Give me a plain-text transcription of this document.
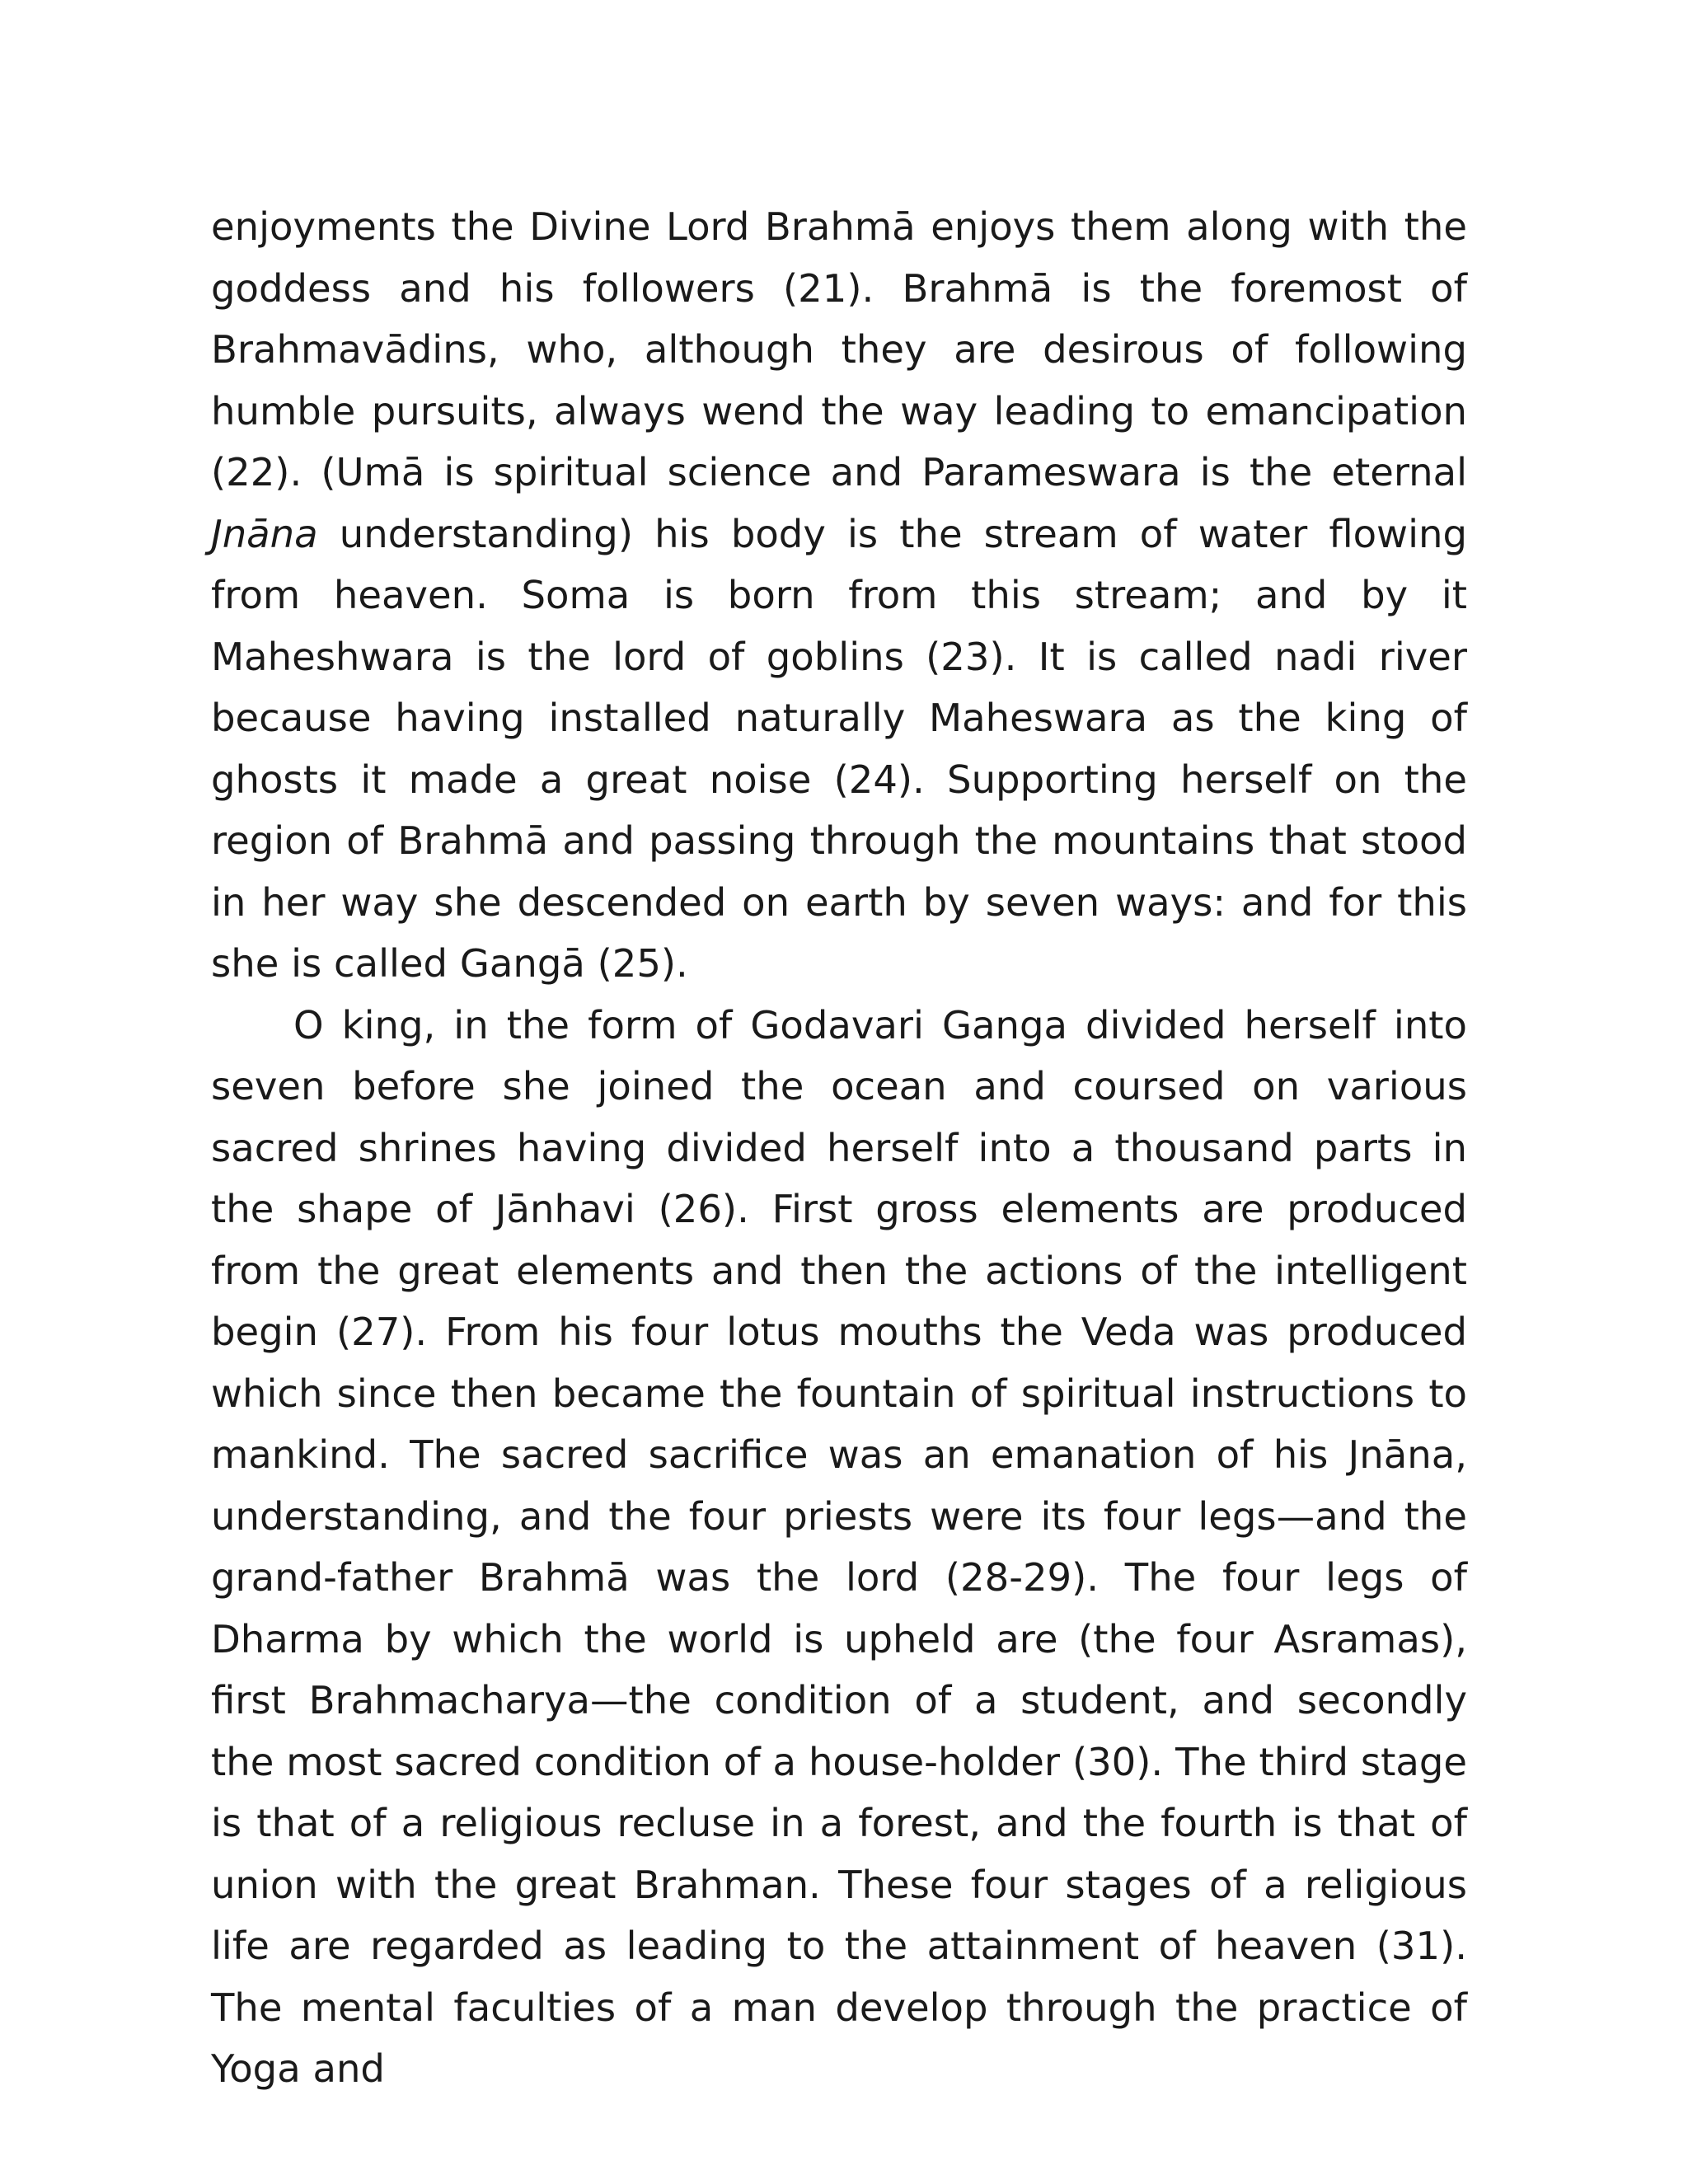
enjoyments the Divine Lord Brahmā enjoys them along with the goddess and his followers (21). Brahmā is the foremost of Brahmavādins, who, although they are desirous of following humble pursuits, always wend the way leading to emancipation (22). (Umā is spiritual science and Parameswara is the eternal Jnāna understanding) his body is the stream of water flowing from heaven. Soma is born from this stream; and by it Maheshwara is the lord of goblins (23). It is called nadi river because having installed naturally Maheswara as the king of ghosts it made a great noise (24). Supporting herself on the region of Brahmā and passing through the mountains that stood in her way she descended on earth by seven ways: and for this she is called Gangā (25).

O king, in the form of Godavari Ganga divided herself into seven before she joined the ocean and coursed on various sacred shrines having divided herself into a thousand parts in the shape of Jānhavi (26). First gross elements are produced from the great elements and then the actions of the intelligent begin (27). From his four lotus mouths the Veda was produced which since then became the fountain of spiritual instructions to mankind. The sacred sacrifice was an emanation of his Jnāna, understanding, and the four priests were its four legs—and the grand-father Brahmā was the lord (28-29). The four legs of Dharma by which the world is upheld are (the four Asramas), first Brahmacharya—the condition of a student, and secondly the most sacred condition of a house-holder (30). The third stage is that of a religious recluse in a forest, and the fourth is that of union with the great Brahman. These four stages of a religious life are regarded as leading to the attainment of heaven (31). The mental faculties of a man develop through the practice of Yoga and
